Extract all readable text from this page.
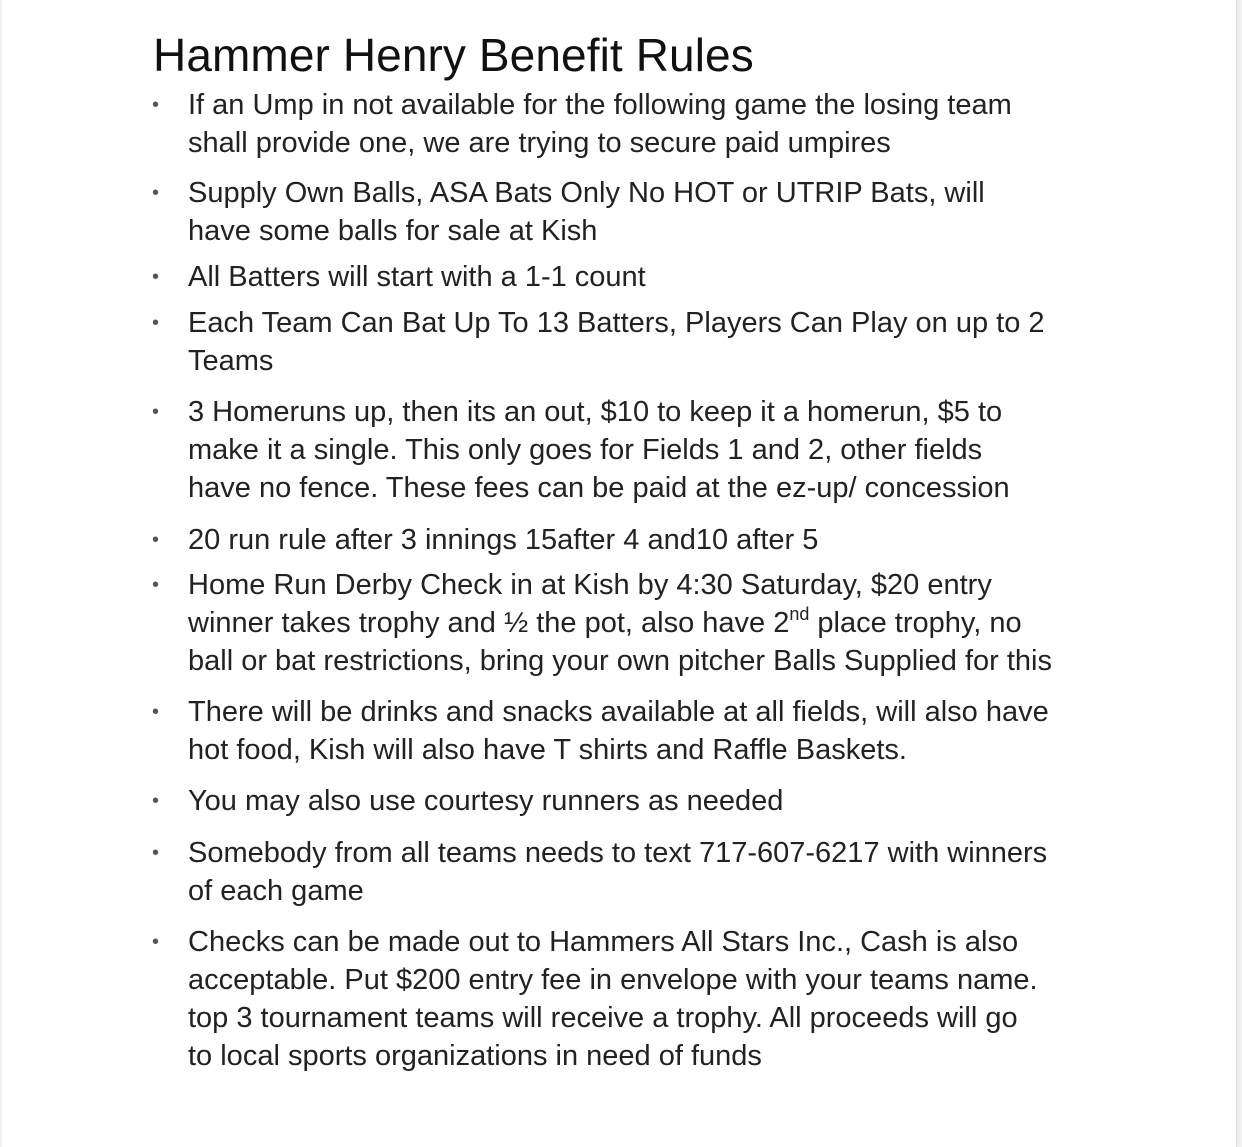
Hammer Henry Benefit Rules
• If an Ump in not available for the following game the losing team
shall provide one, we are trying to secure paid umpires
• Supply Own Balls, ASA Bats Only No HOT or UTRIP Bats, will
have some balls for sale at Kish
• All Batters will start with a 1-1 count
• Each Team Can Bat Up To 13 Batters, Players Can Play on up to 2
Teams
• 3 Homeruns up, then its an out, $10 to keep it a homerun, $5 to
make it a single. This only goes for Fields 1 and 2, other fields
have no fence. These fees can be paid at the ez-up/ concession
• 20 run rule after 3 innings 15after 4 and10 after 5
• Home Run Derby Check in at Kish by 4:30 Saturday, $20 entry
winner takes trophy and ½ the pot, also have 2nd place trophy, no
ball or bat restrictions, bring your own pitcher Balls Supplied for this
• There will be drinks and snacks available at all fields, will also have
hot food, Kish will also have T shirts and Raffle Baskets.
• You may also use courtesy runners as needed
• Somebody from all teams needs to text 717-607-6217 with winners
of each game
• Checks can be made out to Hammers All Stars Inc., Cash is also
acceptable. Put $200 entry fee in envelope with your teams name.
top 3 tournament teams will receive a trophy. All proceeds will go
to local sports organizations in need of funds
